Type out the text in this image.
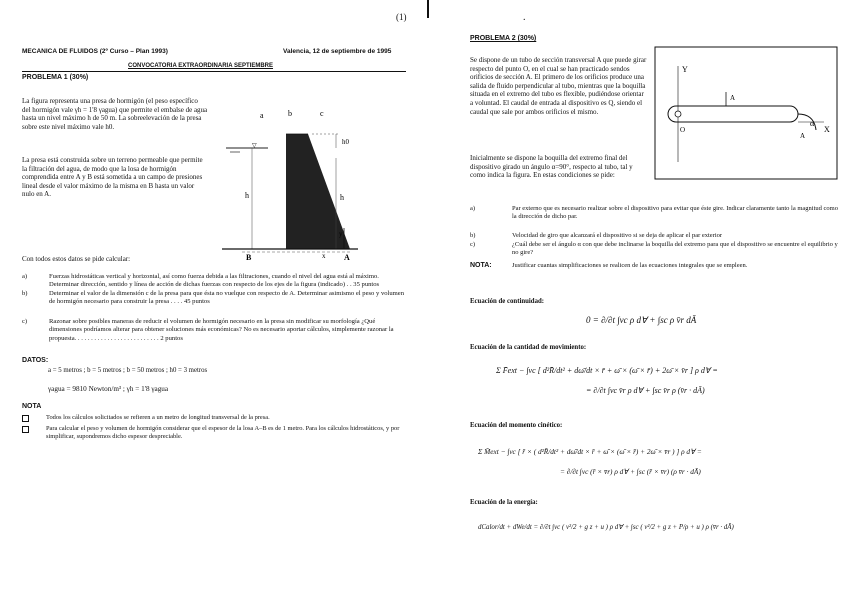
(1)	.
MECANICA DE FLUIDOS (2º Curso – Plan 1993)	Valencia, 12 de septiembre de 1995
CONVOCATORIA EXTRAORDINARIA SEPTIEMBRE
PROBLEMA 1 (30%)

La figura representa una presa de hormigón (el peso específico del hormigón vale γh = 1'8 γagua) que permite el embalse de agua hasta un nivel máximo h de 50 m. La sobreelevación de la presa sobre este nivel máximo vale h0.

La presa está construida sobre un terreno permeable que permite la filtración del agua, de modo que la losa de hormigón comprendida entre A y B está sometida a un campo de presiones lineal desde el valor máximo de la misma en B hasta un valor nulo en A.

a	b	c
▽	h0
h	h
B	A
x
y
Con todos estos datos se pide calcular:
a)	Fuerzas hidrostáticas vertical y horizontal, así como fuerza debida a las filtraciones, cuando el nivel del agua está al máximo. Determinar dirección, sentido y línea de acción de dichas fuerzas con respecto de los ejes de la figura (indicado) . . 35 puntos
b)	Determinar el valor de la dimensión c de la presa para que ésta no vuelque con respecto de A. Determinar asimismo el peso y volumen de hormigón necesario para construir la presa . . . . 45 puntos
c)	Razonar sobre posibles maneras de reducir el volumen de hormigón necesario en la presa sin modificar su morfología ¿Qué dimensiones podríamos alterar para obtener soluciones más económicas? No es necesario aportar cálculos, simplemente razonar la propuesta. . . . . . . . . . . . . . . . . . . . . . . . . . 2 puntos
DATOS:
a = 5 metros ; b = 5 metros ; b = 50 metros ; h0 = 3 metros
γagua = 9810 Newton/m³ ; γh = 1'8 γagua
NOTA
Todos los cálculos solicitados se refieren a un metro de longitud transversal de la presa.
Para calcular el peso y volumen de hormigón considerar que el espesor de la losa A–B es de 1 metro. Para los cálculos hidrostáticos, y por simplificar, supondremos dicho espesor despreciable.
PROBLEMA 2 (30%)
Se dispone de un tubo de sección transversal A que puede girar respecto del punto O, en el cual se han practicado sendos orificios de sección A. El primero de los orificios produce una salida de fluido perpendicular al tubo, mientras que la boquilla situada en el extremo del tubo es flexible, pudiéndose orientar a voluntad. El caudal de entrada al dispositivo es Q, siendo el caudal que sale por ambos orificios el mismo.
Inicialmente se dispone la boquilla del extremo final del dispositivo girado un ángulo α=90°, respecto al tubo, tal y como indica la figura. En estas condiciones se pide:
Y
O
A
X
A
α
a)	Par externo que es necesario realizar sobre el dispositivo para evitar que éste gire. Indicar claramente tanto la magnitud como la dirección de dicho par.
b)	Velocidad de giro que alcanzará el dispositivo si se deja de aplicar el par exterior
c)	¿Cuál debe ser el ángulo α con que debe inclinarse la boquilla del extremo para que el dispositivo se encuentre el equilibrio y no gire?
NOTA:	Justificar cuantas simplificaciones se realicen de las ecuaciones integrales que se empleen.
Ecuación de continuidad:
0 = ∂/∂t ∫vc ρ d∀ + ∫sc ρ v̄r dĀ
Ecuación de la cantidad de movimiento:
Σ F̄ext − ∫vc [ d²R̄/dt² + dω̄/dt × r̄ + ω̄ × (ω̄ × r̄) + 2ω̄ × v̄r ] ρ d∀ =
= ∂/∂t ∫vc v̄r ρ d∀ + ∫sc v̄r ρ (v̄r · dĀ)
Ecuación del momento cinético:
Σ M̄ext − ∫vc [ r̄ × ( d²R̄/dt² + dω̄/dt × r̄ + ω̄ × (ω̄ × r̄) + 2ω̄ × v̄r ) ] ρ d∀ =
= ∂/∂t ∫vc (r̄ × v̄r) ρ d∀ + ∫sc (r̄ × v̄r) (ρ v̄r · dĀ)
Ecuación de la energía:
dCalor/dt + dWe/dt = ∂/∂t ∫vc ( v²/2 + g z + u ) ρ d∀ + ∫sc ( v²/2 + g z + P/ρ + u ) ρ (v̄r · dĀ)
